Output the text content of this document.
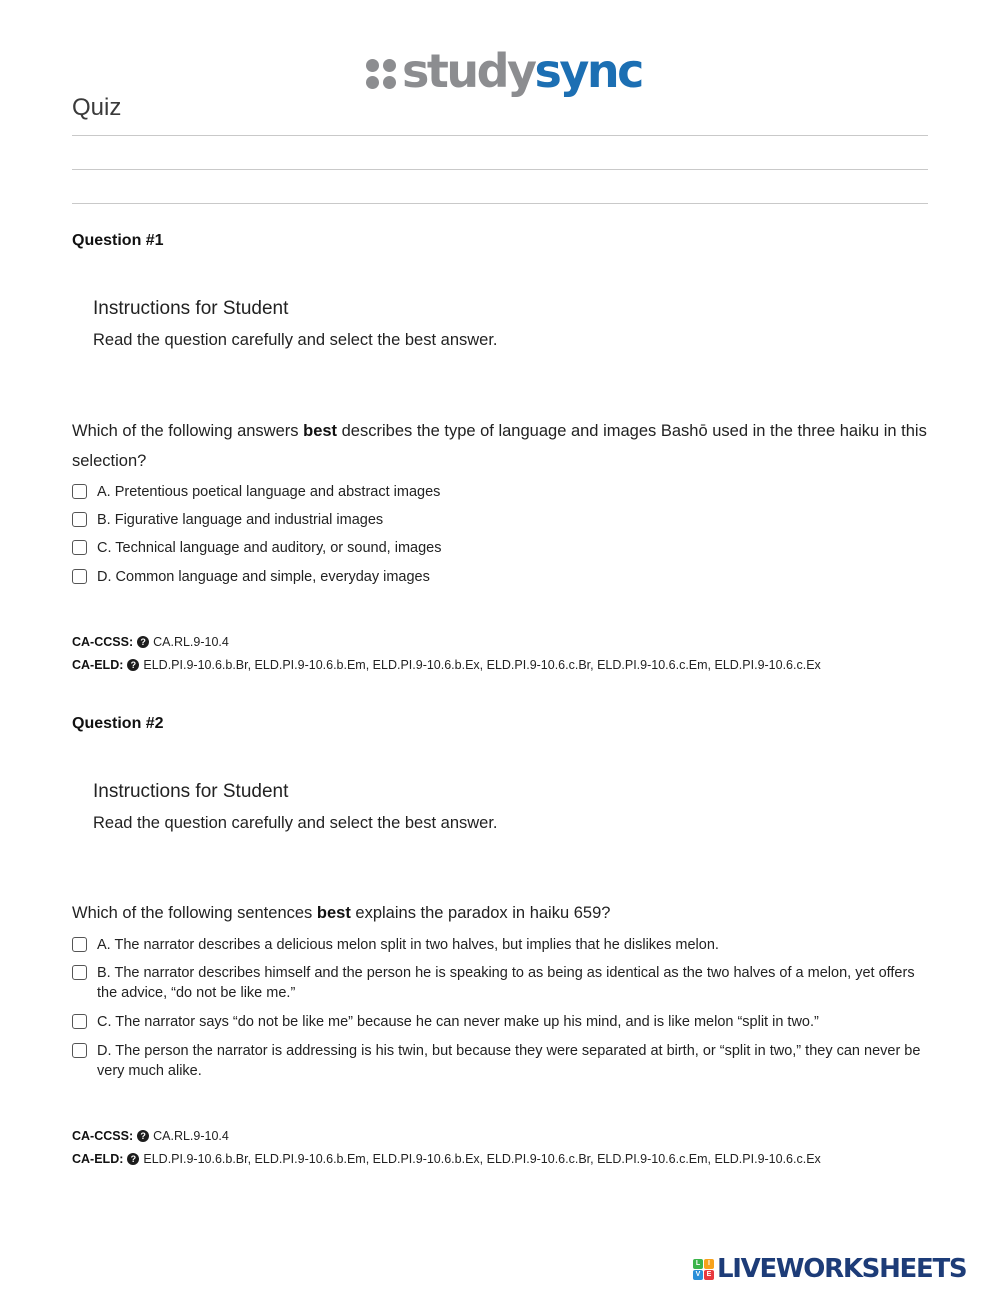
studysync
Quiz
Question #1
Instructions for Student
Read the question carefully and select the best answer.
Which of the following answers best describes the type of language and images Bashō used in the three haiku in this selection?
A. Pretentious poetical language and abstract images
B. Figurative language and industrial images
C. Technical language and auditory, or sound, images
D. Common language and simple, everyday images
CA-CCSS: ? CA.RL.9-10.4
CA-ELD: ? ELD.PI.9-10.6.b.Br, ELD.PI.9-10.6.b.Em, ELD.PI.9-10.6.b.Ex, ELD.PI.9-10.6.c.Br, ELD.PI.9-10.6.c.Em, ELD.PI.9-10.6.c.Ex
Question #2
Instructions for Student
Read the question carefully and select the best answer.
Which of the following sentences best explains the paradox in haiku 659?
A. The narrator describes a delicious melon split in two halves, but implies that he dislikes melon.
B. The narrator describes himself and the person he is speaking to as being as identical as the two halves of a melon, yet offers the advice, “do not be like me.”
C. The narrator says “do not be like me” because he can never make up his mind, and is like melon “split in two.”
D. The person the narrator is addressing is his twin, but because they were separated at birth, or “split in two,” they can never be very much alike.
CA-CCSS: ? CA.RL.9-10.4
CA-ELD: ? ELD.PI.9-10.6.b.Br, ELD.PI.9-10.6.b.Em, ELD.PI.9-10.6.b.Ex, ELD.PI.9-10.6.c.Br, ELD.PI.9-10.6.c.Em, ELD.PI.9-10.6.c.Ex
L	I
V E LIVEWORKSHEETS
